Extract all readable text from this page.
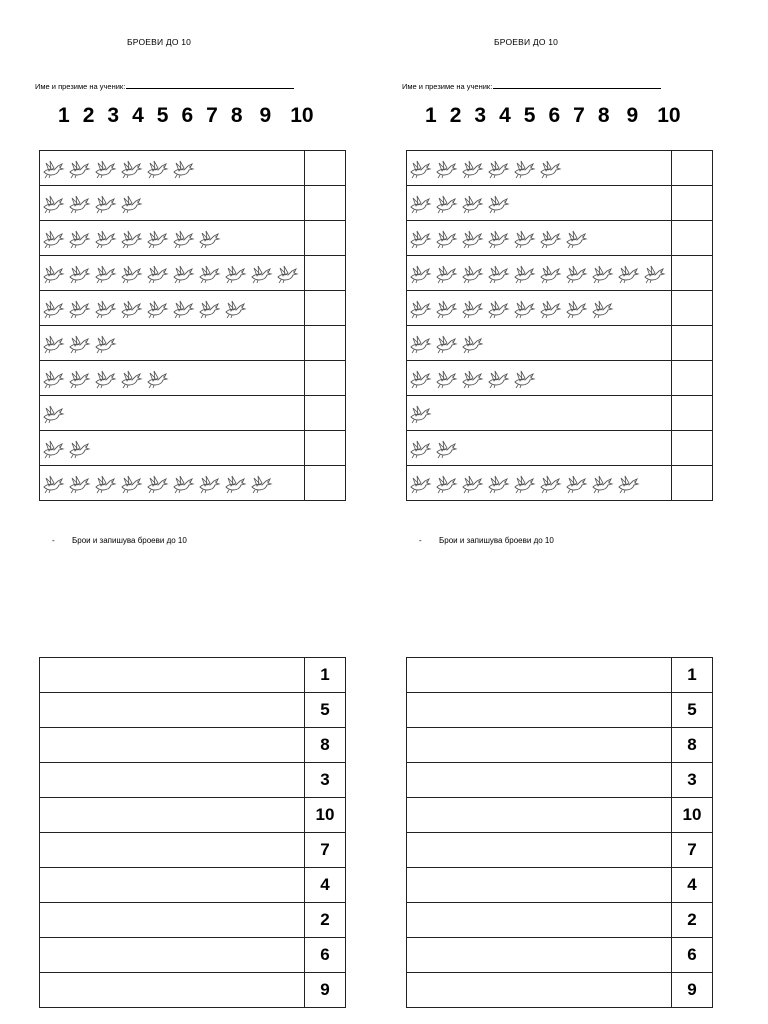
БРОЕВИ ДО 10
Име и презиме на ученик:
1 2 3 4 5 6 7 8 9 10

- Брои и запишува броеви до 10
	1
	5
	8
	3
	10
	7
	4
	2
	6
	9
БРОЕВИ ДО 10
Име и презиме на ученик:
1 2 3 4 5 6 7 8 9 10

- Брои и запишува броеви до 10
	1
	5
	8
	3
	10
	7
	4
	2
	6
	9
